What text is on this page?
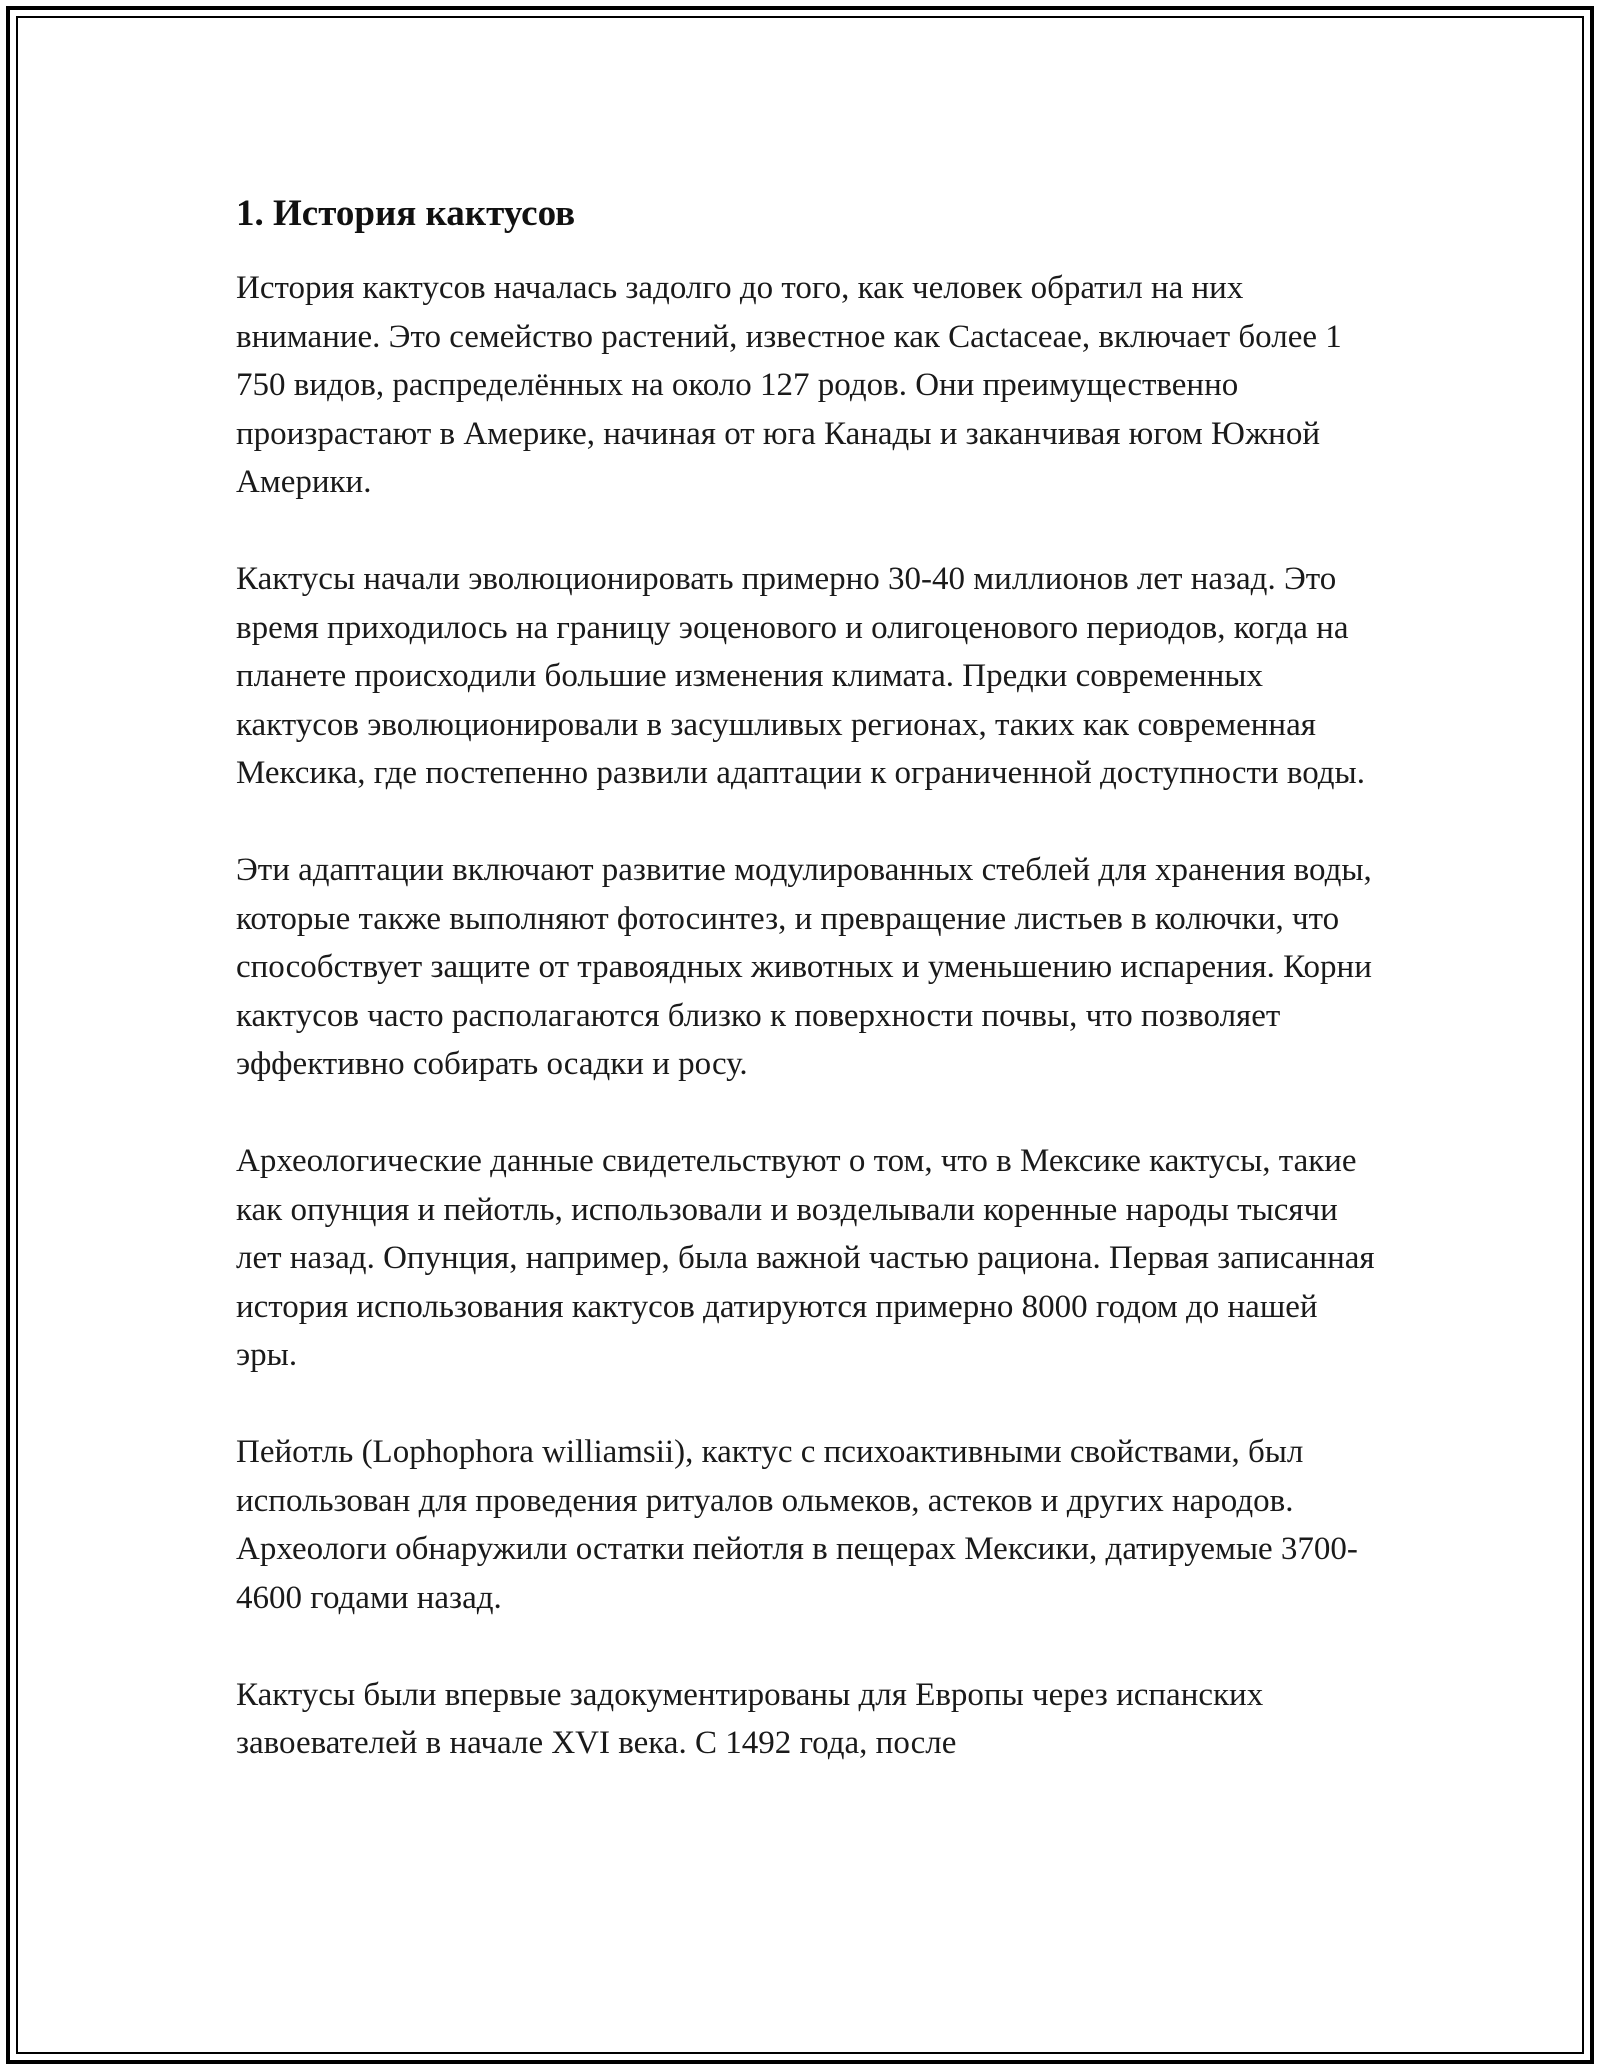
1. История кактусов

История кактусов началась задолго до того, как человек обратил на них внимание. Это семейство растений, известное как Cactaceae, включает более 1 750 видов, распределённых на около 127 родов. Они преимущественно произрастают в Америке, начиная от юга Канады и заканчивая югом Южной Америки.

Кактусы начали эволюционировать примерно 30-40 миллионов лет назад. Это время приходилось на границу эоценового и олигоценового периодов, когда на планете происходили большие изменения климата. Предки современных кактусов эволюционировали в засушливых регионах, таких как современная Мексика, где постепенно развили адаптации к ограниченной доступности воды.

Эти адаптации включают развитие модулированных стеблей для хранения воды, которые также выполняют фотосинтез, и превращение листьев в колючки, что способствует защите от травоядных животных и уменьшению испарения. Корни кактусов часто располагаются близко к поверхности почвы, что позволяет эффективно собирать осадки и росу.

Археологические данные свидетельствуют о том, что в Мексике кактусы, такие как опунция и пейотль, использовали и возделывали коренные народы тысячи лет назад. Опунция, например, была важной частью рациона. Первая записанная история использования кактусов датируются примерно 8000 годом до нашей эры.

Пейотль (Lophophora williamsii), кактус с психоактивными свойствами, был использован для проведения ритуалов ольмеков, астеков и других народов. Археологи обнаружили остатки пейотля в пещерах Мексики, датируемые 3700-4600 годами назад.

Кактусы были впервые задокументированы для Европы через испанских завоевателей в начале XVI века. С 1492 года, после
